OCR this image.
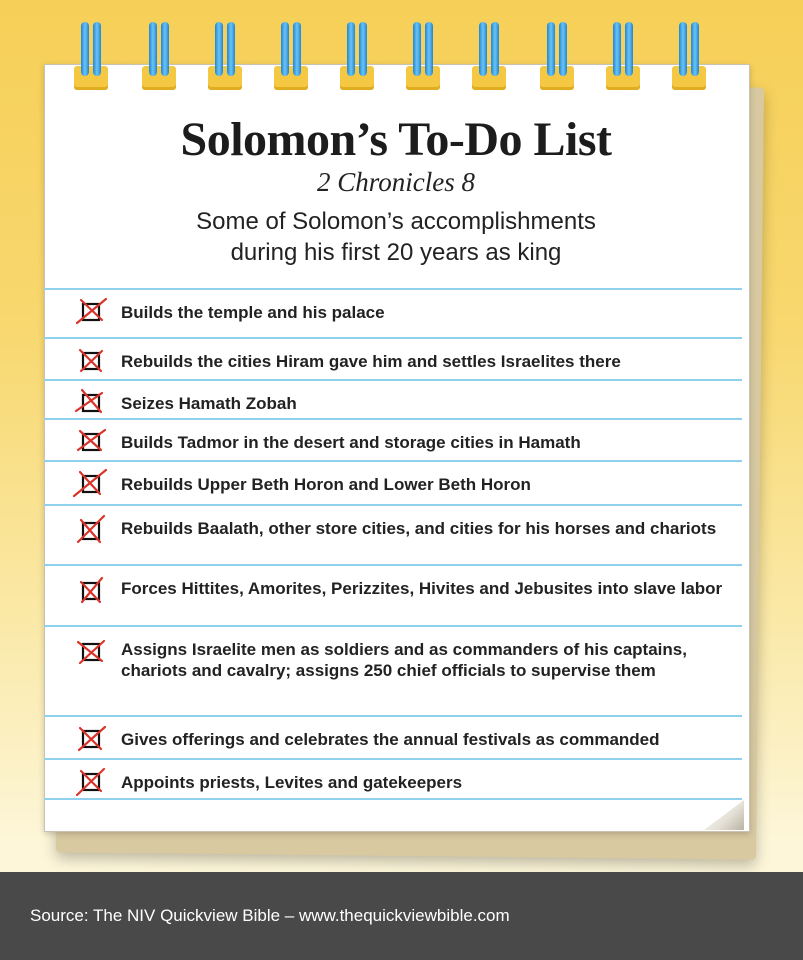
Solomon’s To-Do List
2 Chronicles 8
Some of Solomon’s accomplishments
during his first 20 years as king
Builds the temple and his palace
Rebuilds the cities Hiram gave him and settles Israelites there
Seizes Hamath Zobah
Builds Tadmor in the desert and storage cities in Hamath
Rebuilds Upper Beth Horon and Lower Beth Horon
Rebuilds Baalath, other store cities, and cities for his horses and chariots
Forces Hittites, Amorites, Perizzites, Hivites and Jebusites into slave labor
Assigns Israelite men as soldiers and as commanders of his captains, chariots and cavalry; assigns 250 chief officials to supervise them
Gives offerings and celebrates the annual festivals as commanded
Appoints priests, Levites and gatekeepers
Source: The NIV Quickview Bible – www.thequickviewbible.com
